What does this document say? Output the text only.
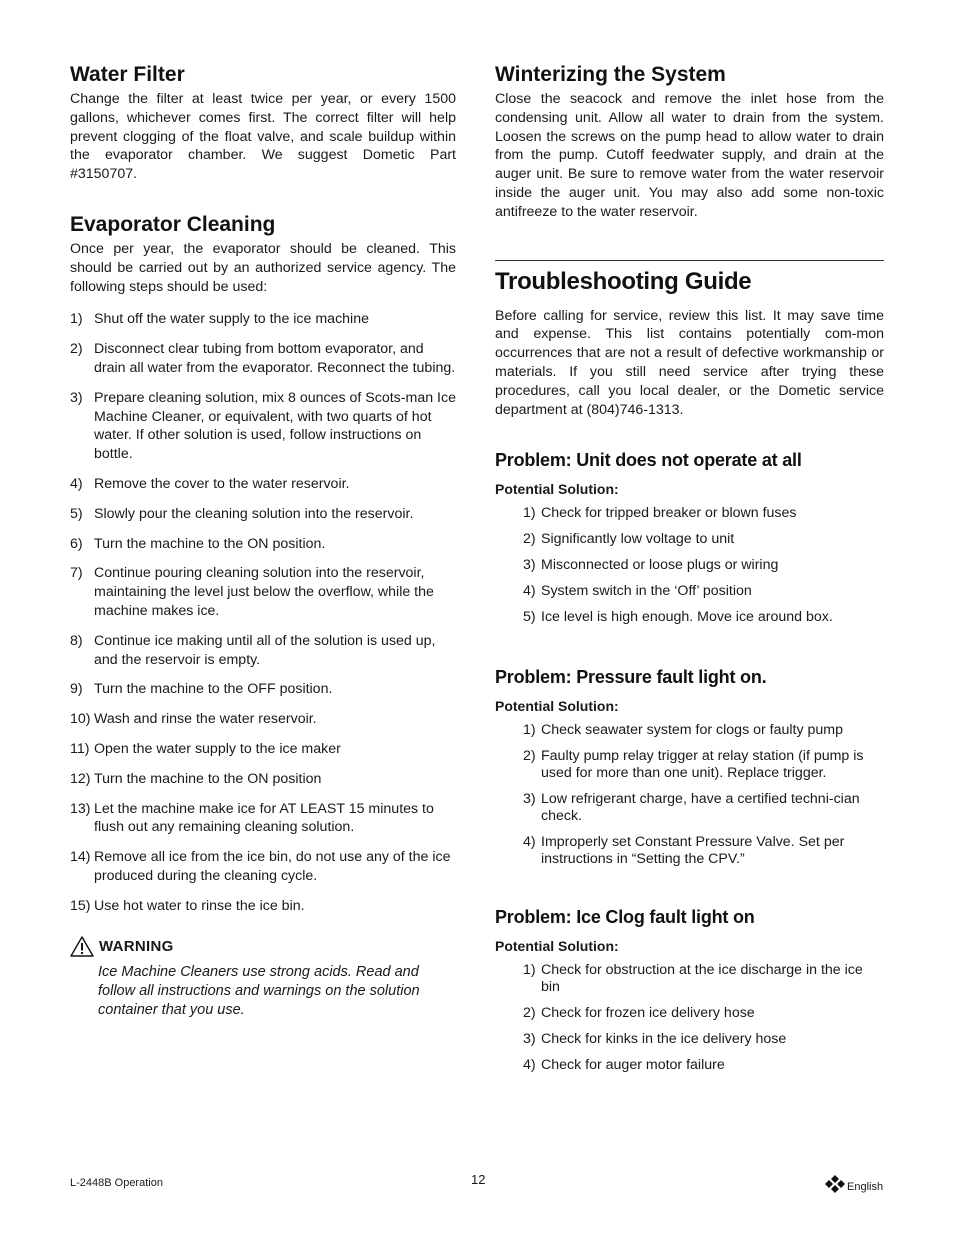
Water Filter

Change the filter at least twice per year, or every 1500 gallons, whichever comes first. The correct filter will help prevent clogging of the float valve, and scale buildup within the evaporator chamber. We suggest Dometic Part #3150707.

Evaporator Cleaning

Once per year, the evaporator should be cleaned. This should be carried out by an authorized service agency. The following steps should be used:

1) Shut off the water supply to the ice machine
2) Disconnect clear tubing from bottom evaporator, and drain all water from the evaporator. Reconnect the tubing.
3) Prepare cleaning solution, mix 8 ounces of Scots-man Ice Machine Cleaner, or equivalent, with two quarts of hot water. If other solution is used, follow instructions on bottle.
4) Remove the cover to the water reservoir.
5) Slowly pour the cleaning solution into the reservoir.
6) Turn the machine to the ON position.
7) Continue pouring cleaning solution into the reservoir, maintaining the level just below the overflow, while the machine makes ice.
8) Continue ice making until all of the solution is used up, and the reservoir is empty.
9) Turn the machine to the OFF position.
10) Wash and rinse the water reservoir.
11) Open the water supply to the ice maker
12) Turn the machine to the ON position
13) Let the machine make ice for AT LEAST 15 minutes to flush out any remaining cleaning solution.
14) Remove all ice from the ice bin, do not use any of the ice produced during the cleaning cycle.
15) Use hot water to rinse the ice bin.
WARNING

Ice Machine Cleaners use strong acids. Read and follow all instructions and warnings on the solution container that you use.

Winterizing the System

Close the seacock and remove the inlet hose from the condensing unit. Allow all water to drain from the system. Loosen the screws on the pump head to allow water to drain from the pump. Cutoff feedwater supply, and drain at the auger unit. Be sure to remove water from the water reservoir inside the auger unit. You may also add some non-toxic antifreeze to the water reservoir.

Troubleshooting Guide

Before calling for service, review this list. It may save time and expense. This list contains potentially com-mon occurrences that are not a result of defective workmanship or materials. If you still need service after trying these procedures, call you local dealer, or the Dometic service department at (804)746-1313.

Problem: Unit does not operate at all
Potential Solution:
1) Check for tripped breaker or blown fuses
2) Significantly low voltage to unit
3) Misconnected or loose plugs or wiring
4) System switch in the ‘Off’ position
5) Ice level is high enough. Move ice around box.
Problem: Pressure fault light on.
Potential Solution:
1) Check seawater system for clogs or faulty pump
2) Faulty pump relay trigger at relay station (if pump is used for more than one unit). Replace trigger.
3) Low refrigerant charge, have a certified techni-cian check.
4) Improperly set Constant Pressure Valve. Set per instructions in “Setting the CPV.”
Problem: Ice Clog fault light on
Potential Solution:
1) Check for obstruction at the ice discharge in the ice bin
2) Check for frozen ice delivery hose
3) Check for kinks in the ice delivery hose
4) Check for auger motor failure
L-2448B Operation	12	English
